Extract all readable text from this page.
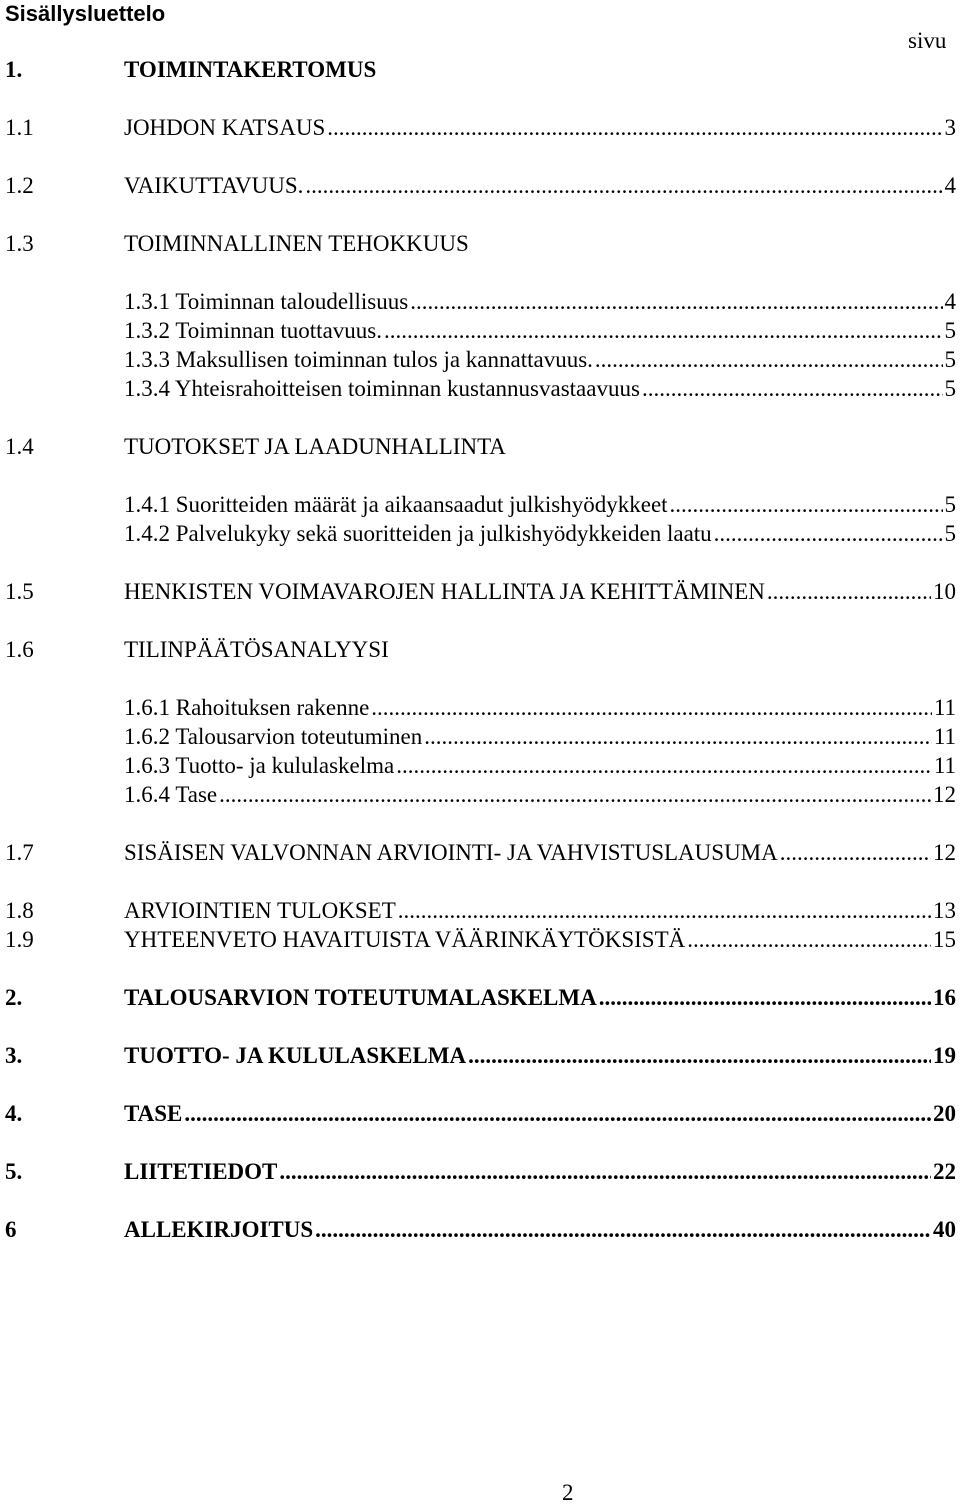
Sisällysluettelo
sivu
1.	TOIMINTAKERTOMUS
1.1	JOHDON KATSAUS .....	3
1.2	VAIKUTTAVUUS. .....	4
1.3	TOIMINNALLINEN TEHOKKUUS
1.3.1 Toiminnan taloudellisuus .....	4
1.3.2 Toiminnan tuottavuus. .....	5
1.3.3 Maksullisen toiminnan tulos ja kannattavuus. .....	5
1.3.4 Yhteisrahoitteisen toiminnan kustannusvastaavuus .....	5
1.4	TUOTOKSET JA LAADUNHALLINTA
1.4.1 Suoritteiden määrät ja aikaansaadut julkishyödykkeet .....	5
1.4.2 Palvelukyky sekä suoritteiden ja julkishyödykkeiden laatu .....	5
1.5	HENKISTEN VOIMAVAROJEN HALLINTA JA KEHITTÄMINEN .....	10
1.6	TILINPÄÄTÖSANALYYSI
1.6.1 Rahoituksen rakenne .....	11
1.6.2 Talousarvion toteutuminen .....	11
1.6.3 Tuotto- ja kululaskelma .....	11
1.6.4 Tase .....	12
1.7	SISÄISEN VALVONNAN ARVIOINTI- JA VAHVISTUSLAUSUMA .....	12
1.8	ARVIOINTIEN TULOKSET .....	13
1.9	YHTEENVETO HAVAITUISTA VÄÄRINKÄYTÖKSISTÄ .....	15
2.	TALOUSARVION TOTEUTUMALASKELMA .....	16
3.	TUOTTO- JA KULULASKELMA .....	19
4.	TASE .....	20
5.	LIITETIEDOT .....	22
6	ALLEKIRJOITUS .....	40
2
